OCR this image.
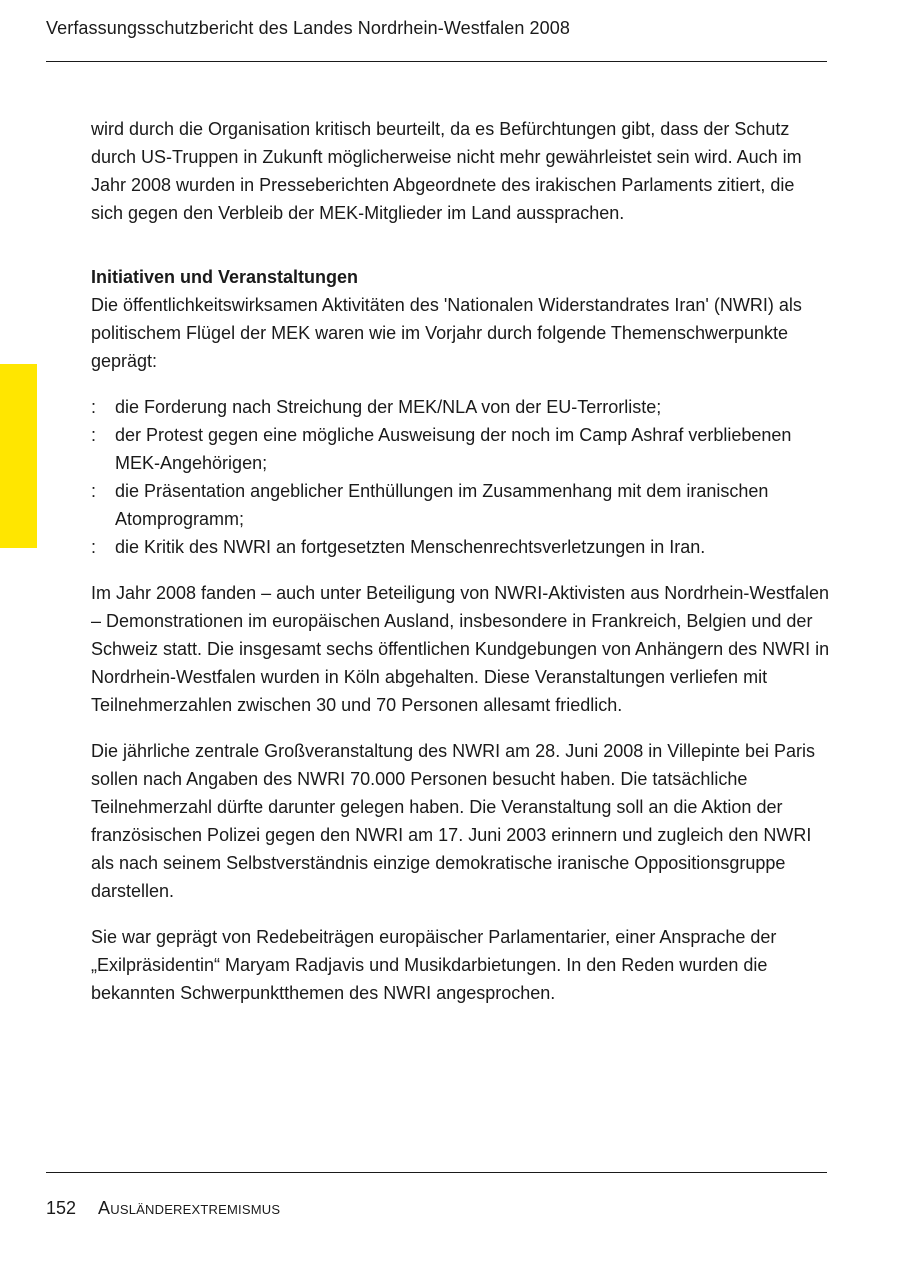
Verfassungsschutzbericht des Landes Nordrhein-Westfalen 2008

wird durch die Organisation kritisch beurteilt, da es Befürchtungen gibt, dass der Schutz durch US-Truppen in Zukunft möglicherweise nicht mehr gewährleistet sein wird. Auch im Jahr 2008 wurden in Presseberichten Abgeordnete des irakischen Parlaments zitiert, die sich gegen den Verbleib der MEK-Mitglieder im Land aussprachen.

Initiativen und Veranstaltungen

Die öffentlichkeitswirksamen Aktivitäten des 'Nationalen Widerstandrates Iran' (NWRI) als politischem Flügel der MEK waren wie im Vorjahr durch folgende Themenschwerpunkte geprägt:

: die Forderung nach Streichung der MEK/NLA von der EU-Terrorliste;
: der Protest gegen eine mögliche Ausweisung der noch im Camp Ashraf verbliebenen MEK-Angehörigen;
: die Präsentation angeblicher Enthüllungen im Zusammenhang mit dem iranischen Atomprogramm;
: die Kritik des NWRI an fortgesetzten Menschenrechtsverletzungen in Iran.

Im Jahr 2008 fanden – auch unter Beteiligung von NWRI-Aktivisten aus Nordrhein-Westfalen – Demonstrationen im europäischen Ausland, insbesondere in Frankreich, Belgien und der Schweiz statt. Die insgesamt sechs öffentlichen Kundgebungen von Anhängern des NWRI in Nordrhein-Westfalen wurden in Köln abgehalten. Diese Veranstaltungen verliefen mit Teilnehmerzahlen zwischen 30 und 70 Personen allesamt friedlich.

Die jährliche zentrale Großveranstaltung des NWRI am 28. Juni 2008 in Villepinte bei Paris sollen nach Angaben des NWRI 70.000 Personen besucht haben. Die tatsächliche Teilnehmerzahl dürfte darunter gelegen haben. Die Veranstaltung soll an die Aktion der französischen Polizei gegen den NWRI am 17. Juni 2003 erinnern und zugleich den NWRI als nach seinem Selbstverständnis einzige demokratische iranische Oppositionsgruppe darstellen.

Sie war geprägt von Redebeiträgen europäischer Parlamentarier, einer Ansprache der „Exilpräsidentin“ Maryam Radjavis und Musikdarbietungen. In den Reden wurden die bekannten Schwerpunktthemen des NWRI angesprochen.

152 Ausländerextremismus
